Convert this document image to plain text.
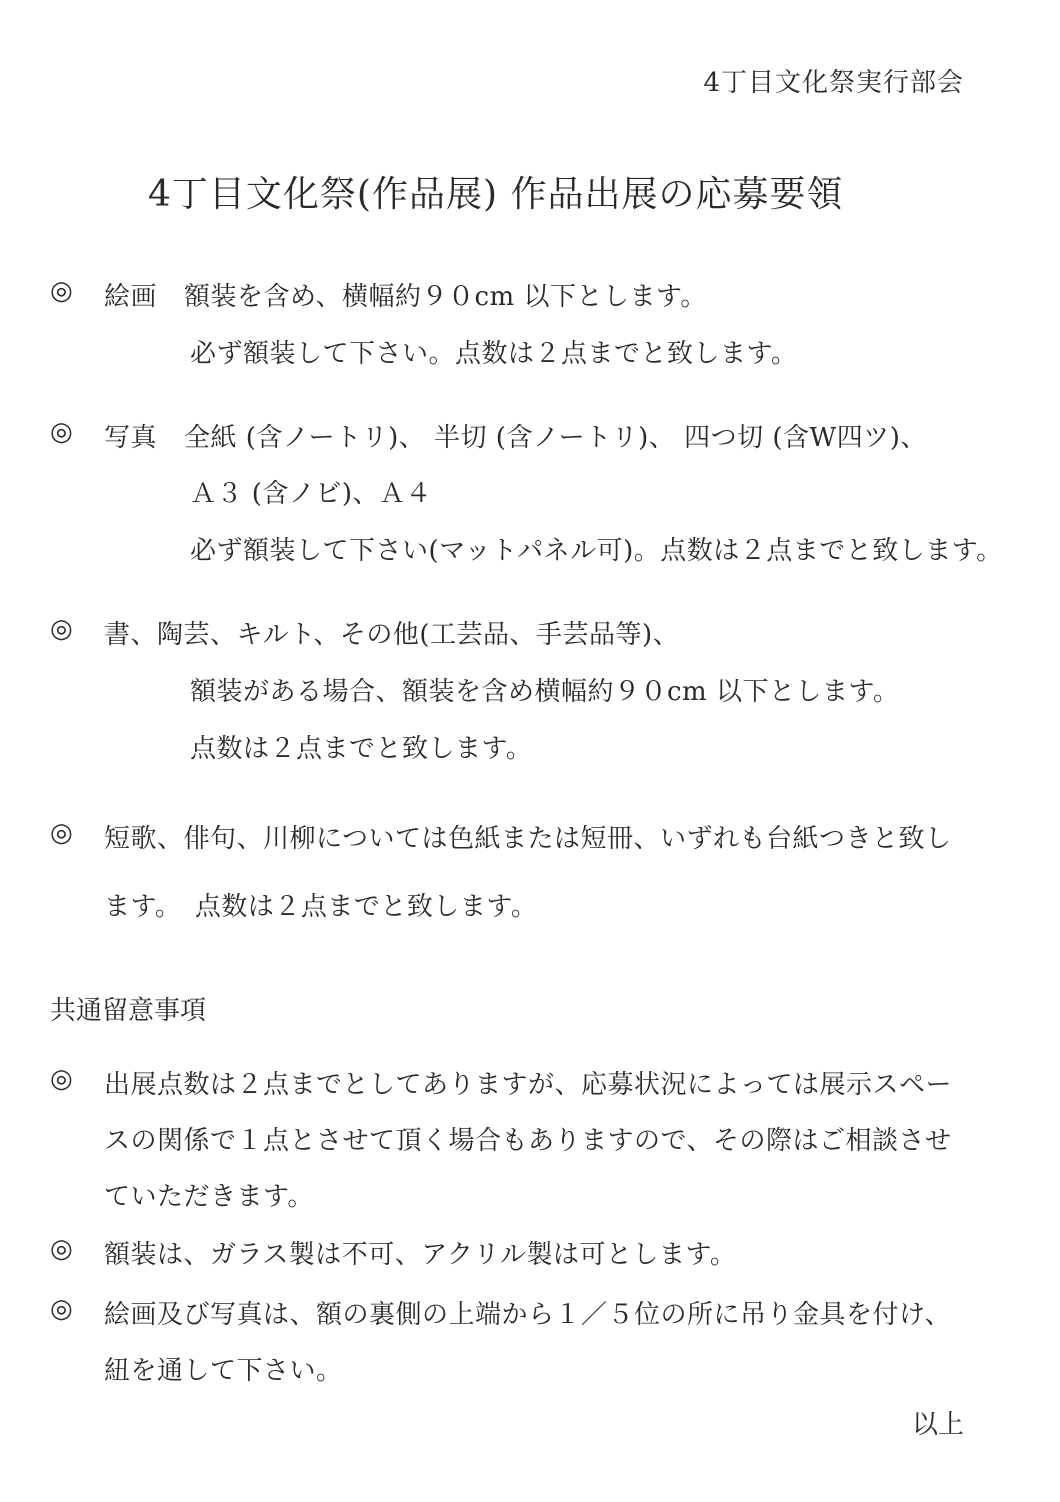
4丁目文化祭実行部会
4丁目文化祭(作品展) 作品出展の応募要領
◎ 絵画 額装を含め、横幅約９０cm 以下とします。
必ず額装して下さい。点数は２点までと致します。
◎ 写真 全紙 (含ノートリ)、 半切 (含ノートリ)、 四つ切 (含W四ツ)、
Ａ３ (含ノビ)、Ａ４
必ず額装して下さい(マットパネル可)。点数は２点までと致します。
◎ 書、陶芸、キルト、その他(工芸品、手芸品等)、
額装がある場合、額装を含め横幅約９０cm 以下とします。
点数は２点までと致します。
◎ 短歌、俳句、川柳については色紙または短冊、いずれも台紙つきと致し
ます。　点数は２点までと致します。
共通留意事項
◎ 出展点数は２点までとしてありますが、応募状況によっては展示スペー
スの関係で１点とさせて頂く場合もありますので、その際はご相談させ
ていただきます。
◎ 額装は、ガラス製は不可、アクリル製は可とします。
◎ 絵画及び写真は、額の裏側の上端から１／５位の所に吊り金具を付け、
紐を通して下さい。
以上
